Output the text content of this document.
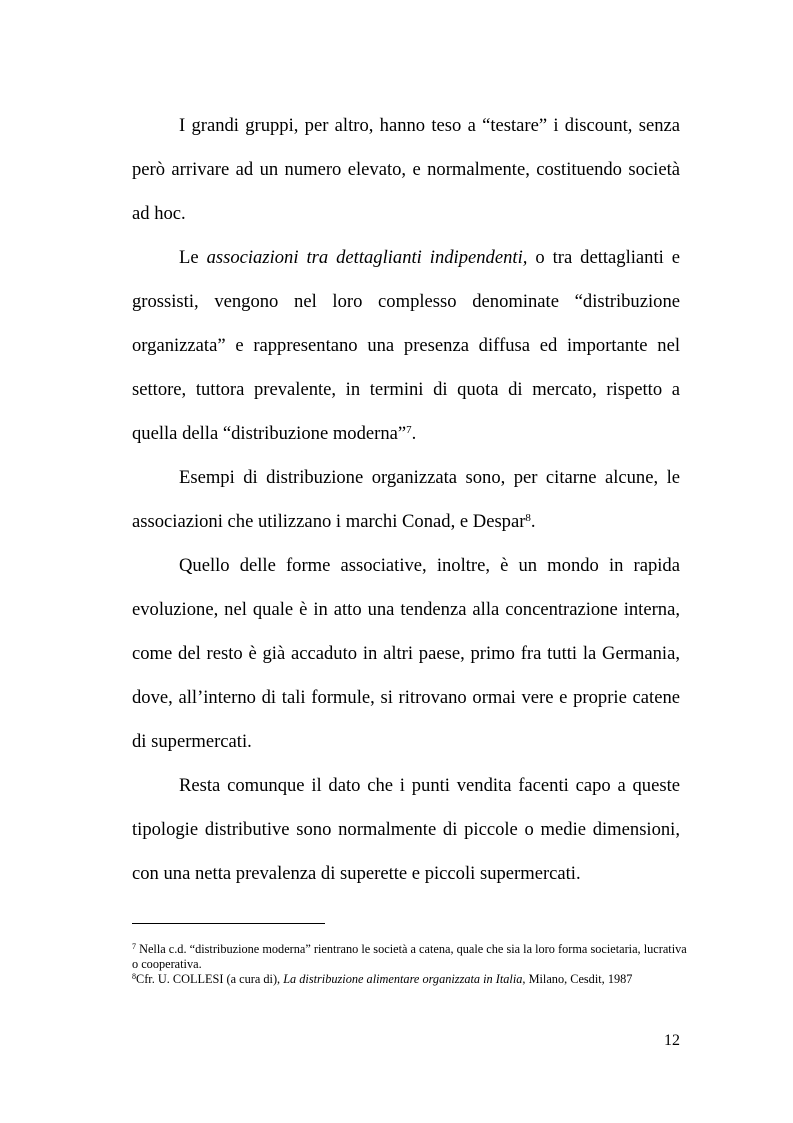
I grandi gruppi, per altro, hanno teso a “testare” i discount, senza però arrivare ad un numero elevato, e normalmente, costituendo società ad hoc.

Le associazioni tra dettaglianti indipendenti, o tra dettaglianti e grossisti, vengono nel loro complesso denominate “distribuzione organizzata” e rappresentano una presenza diffusa ed importante nel settore, tuttora prevalente, in termini di quota di mercato, rispetto a quella della “distribuzione moderna”$^7$.

Esempi di distribuzione organizzata sono, per citarne alcune, le associazioni che utilizzano i marchi Conad, e Despar$^8$.

Quello delle forme associative, inoltre, è un mondo in rapida evoluzione, nel quale è in atto una tendenza alla concentrazione interna, come del resto è già accaduto in altri paese, primo fra tutti la Germania, dove, all’interno di tali formule, si ritrovano ormai vere e proprie catene di supermercati.

Resta comunque il dato che i punti vendita facenti capo a queste tipologie distributive sono normalmente di piccole o medie dimensioni, con una netta prevalenza di superette e piccoli supermercati.

$^7$ Nella c.d. “distribuzione moderna” rientrano le società a catena, quale che sia la loro forma societaria, lucrativa o cooperativa.

$^8$Cfr. U. COLLESI (a cura di), La distribuzione alimentare organizzata in Italia, Milano, Cesdit, 1987

12
